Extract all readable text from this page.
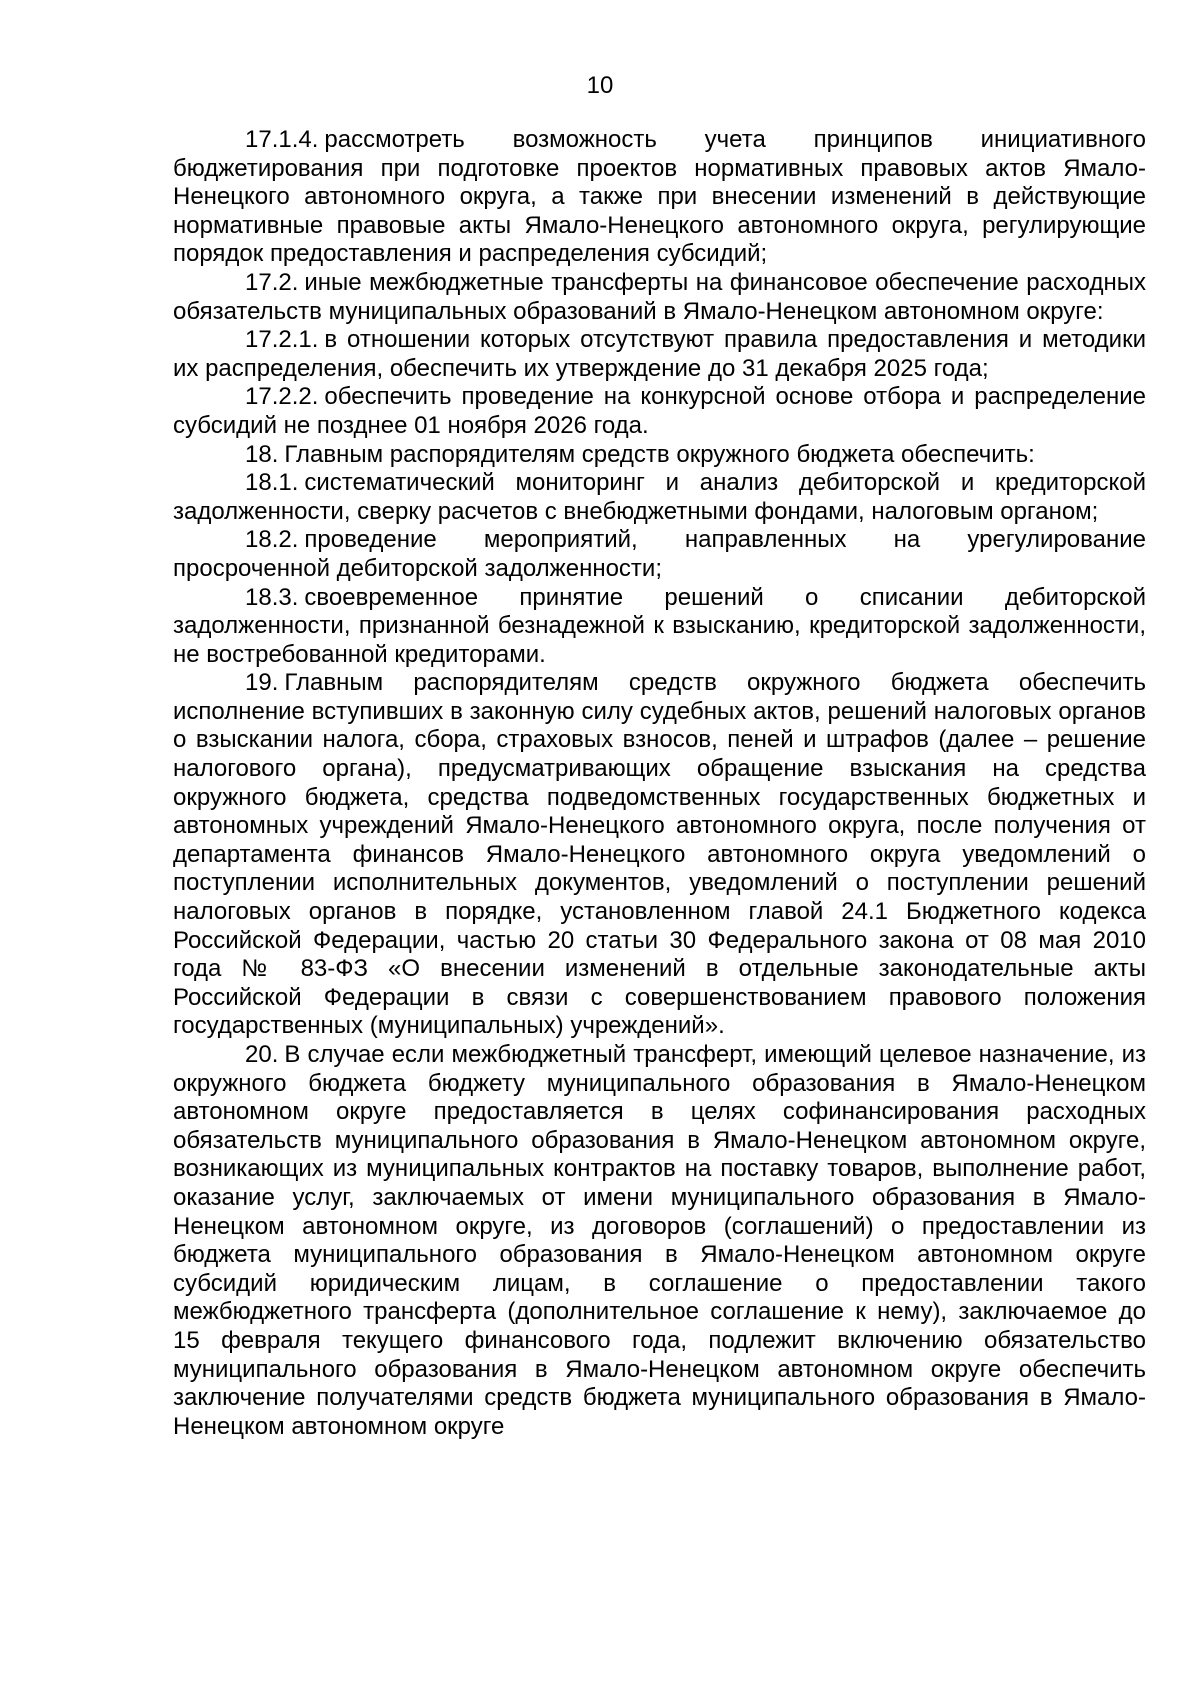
10

17.1.4. рассмотреть возможность учета принципов инициативного бюджетирования при подготовке проектов нормативных правовых актов Ямало-Ненецкого автономного округа, а также при внесении изменений в действующие нормативные правовые акты Ямало-Ненецкого автономного округа, регулирующие порядок предоставления и распределения субсидий;

17.2. иные межбюджетные трансферты на финансовое обеспечение расходных обязательств муниципальных образований в Ямало-Ненецком автономном округе:

17.2.1. в отношении которых отсутствуют правила предоставления и методики их распределения, обеспечить их утверждение до 31 декабря 2025 года;

17.2.2. обеспечить проведение на конкурсной основе отбора и распределение субсидий не позднее 01 ноября 2026 года.

18. Главным распорядителям средств окружного бюджета обеспечить:

18.1. систематический мониторинг и анализ дебиторской и кредиторской задолженности, сверку расчетов с внебюджетными фондами, налоговым органом;

18.2. проведение мероприятий, направленных на урегулирование просроченной дебиторской задолженности;

18.3. своевременное принятие решений о списании дебиторской задолженности, признанной безнадежной к взысканию, кредиторской задолженности, не востребованной кредиторами.

19. Главным распорядителям средств окружного бюджета обеспечить исполнение вступивших в законную силу судебных актов, решений налоговых органов о взыскании налога, сбора, страховых взносов, пеней и штрафов (далее – решение налогового органа), предусматривающих обращение взыскания на средства окружного бюджета, средства подведомственных государственных бюджетных и автономных учреждений Ямало-Ненецкого автономного округа, после получения от департамента финансов Ямало-Ненецкого автономного округа уведомлений о поступлении исполнительных документов, уведомлений о поступлении решений налоговых органов в порядке, установленном главой 24.1 Бюджетного кодекса Российской Федерации, частью 20 статьи 30 Федерального закона от 08 мая 2010 года № 83-ФЗ «О внесении изменений в отдельные законодательные акты Российской Федерации в связи с совершенствованием правового положения государственных (муниципальных) учреждений».

20. В случае если межбюджетный трансферт, имеющий целевое назначение, из окружного бюджета бюджету муниципального образования в Ямало-Ненецком автономном округе предоставляется в целях софинансирования расходных обязательств муниципального образования в Ямало-Ненецком автономном округе, возникающих из муниципальных контрактов на поставку товаров, выполнение работ, оказание услуг, заключаемых от имени муниципального образования в Ямало-Ненецком автономном округе, из договоров (соглашений) о предоставлении из бюджета муниципального образования в Ямало-Ненецком автономном округе субсидий юридическим лицам, в соглашение о предоставлении такого межбюджетного трансферта (дополнительное соглашение к нему), заключаемое до 15 февраля текущего финансового года, подлежит включению обязательство муниципального образования в Ямало-Ненецком автономном округе обеспечить заключение получателями средств бюджета муниципального образования в Ямало-Ненецком автономном округе
